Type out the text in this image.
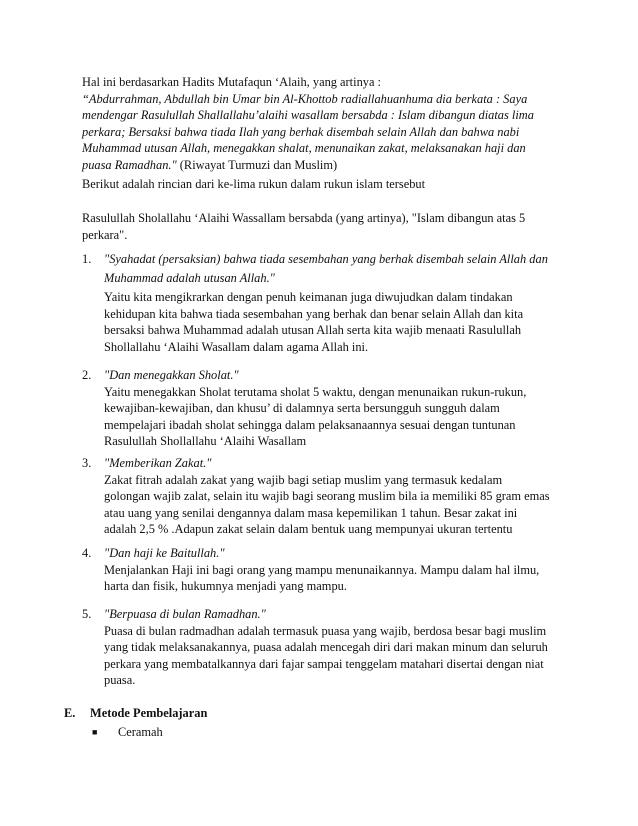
Hal ini berdasarkan Hadits Mutafaqun ‘Alaih, yang artinya :
“Abdurrahman, Abdullah bin Umar bin Al-Khottob radiallahuanhuma dia berkata : Saya
mendengar Rasulullah Shallallahu’alaihi wasallam bersabda : Islam dibangun diatas lima
perkara; Bersaksi bahwa tiada Ilah yang berhak disembah selain Allah dan bahwa nabi
Muhammad utusan Allah, menegakkan shalat, menunaikan zakat, melaksanakan haji dan
puasa Ramadhan." (Riwayat Turmuzi dan Muslim)
Berikut adalah rincian dari ke-lima rukun dalam rukun islam tersebut
Rasulullah Sholallahu ‘Alaihi Wassallam bersabda (yang artinya), "Islam dibangun atas 5
perkara".
1. "Syahadat (persaksian) bahwa tiada sesembahan yang berhak disembah selain Allah dan
Muhammad adalah utusan Allah."
Yaitu kita mengikrarkan dengan penuh keimanan juga diwujudkan dalam tindakan
kehidupan kita bahwa tiada sesembahan yang berhak dan benar selain Allah dan kita
bersaksi bahwa Muhammad adalah utusan Allah serta kita wajib menaati Rasulullah
Shollallahu ‘Alaihi Wasallam dalam agama Allah ini.
2. "Dan menegakkan Sholat."
Yaitu menegakkan Sholat terutama sholat 5 waktu, dengan menunaikan rukun-rukun,
kewajiban-kewajiban, dan khusu’ di dalamnya serta bersungguh sungguh dalam
mempelajari ibadah sholat sehingga dalam pelaksanaannya sesuai dengan tuntunan
Rasulullah Shollallahu ‘Alaihi Wasallam
3. "Memberikan Zakat."
Zakat fitrah adalah zakat yang wajib bagi setiap muslim yang termasuk kedalam
golongan wajib zalat, selain itu wajib bagi seorang muslim bila ia memiliki 85 gram emas
atau uang yang senilai dengannya dalam masa kepemilikan 1 tahun. Besar zakat ini
adalah 2,5 % .Adapun zakat selain dalam bentuk uang mempunyai ukuran tertentu
4. "Dan haji ke Baitullah."
Menjalankan Haji ini bagi orang yang mampu menunaikannya. Mampu dalam hal ilmu,
harta dan fisik, hukumnya menjadi yang mampu.
5. "Berpuasa di bulan Ramadhan."
Puasa di bulan radmadhan adalah termasuk puasa yang wajib, berdosa besar bagi muslim
yang tidak melaksanakannya, puasa adalah mencegah diri dari makan minum dan seluruh
perkara yang membatalkannya dari fajar sampai tenggelam matahari disertai dengan niat
puasa.
E. Metode Pembelajaran
■ Ceramah
